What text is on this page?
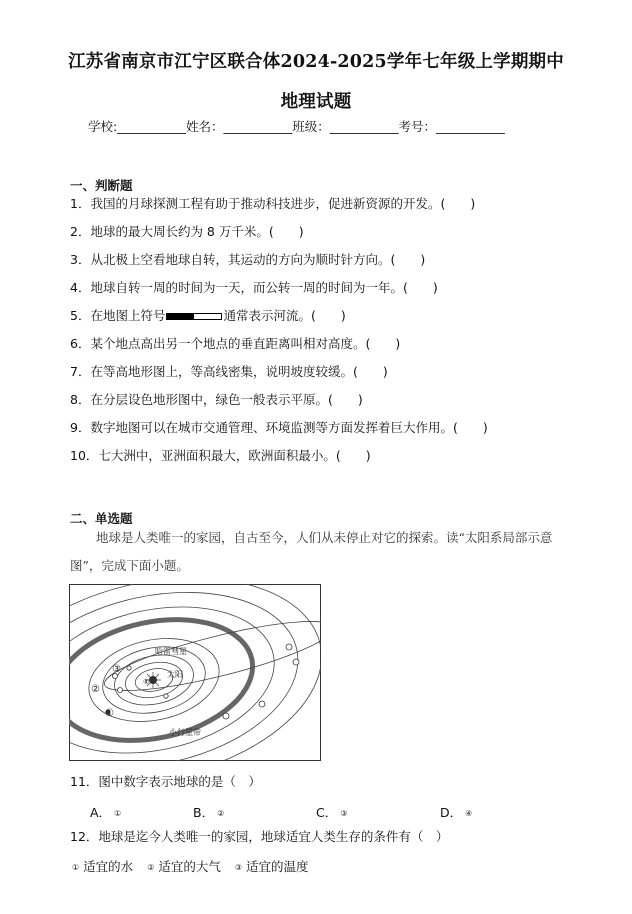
江苏省南京市江宁区联合体2024-2025学年七年级上学期期中
地理试题
学校:___________姓名：___________班级：___________考号：___________
一、判断题
1．我国的月球探测工程有助于推动科技进步，促进新资源的开发。(　　)
2．地球的最大周长约为 8 万千米。(　　)
3．从北极上空看地球自转，其运动的方向为顺时针方向。(　　)
4．地球自转一周的时间为一天，而公转一周的时间为一年。(　　)
5．在地图上符号	通常表示河流。(　　)
6．某个地点高出另一个地点的垂直距离叫相对高度。(　　)
7．在等高地形图上，等高线密集，说明坡度较缓。(　　)
8．在分层设色地形图中，绿色一般表示平原。(　　)
9．数字地图可以在城市交通管理、环境监测等方面发挥着巨大作用。(　　)
10．七大洲中，亚洲面积最大，欧洲面积最小。(　　)
二、单选题
地球是人类唯一的家园，自古至今，人们从未停止对它的探索。读“太阳系局部示意图”，完成下面小题。
哈雷彗星
太阳
小行星带
③
②
①
④
11．图中数字表示地球的是（　）
A． ①	B． ②	C． ③	D． ④
12．地球是迄今人类唯一的家园，地球适宜人类生存的条件有（　）
① 适宜的水 ② 适宜的大气 ③ 适宜的温度
